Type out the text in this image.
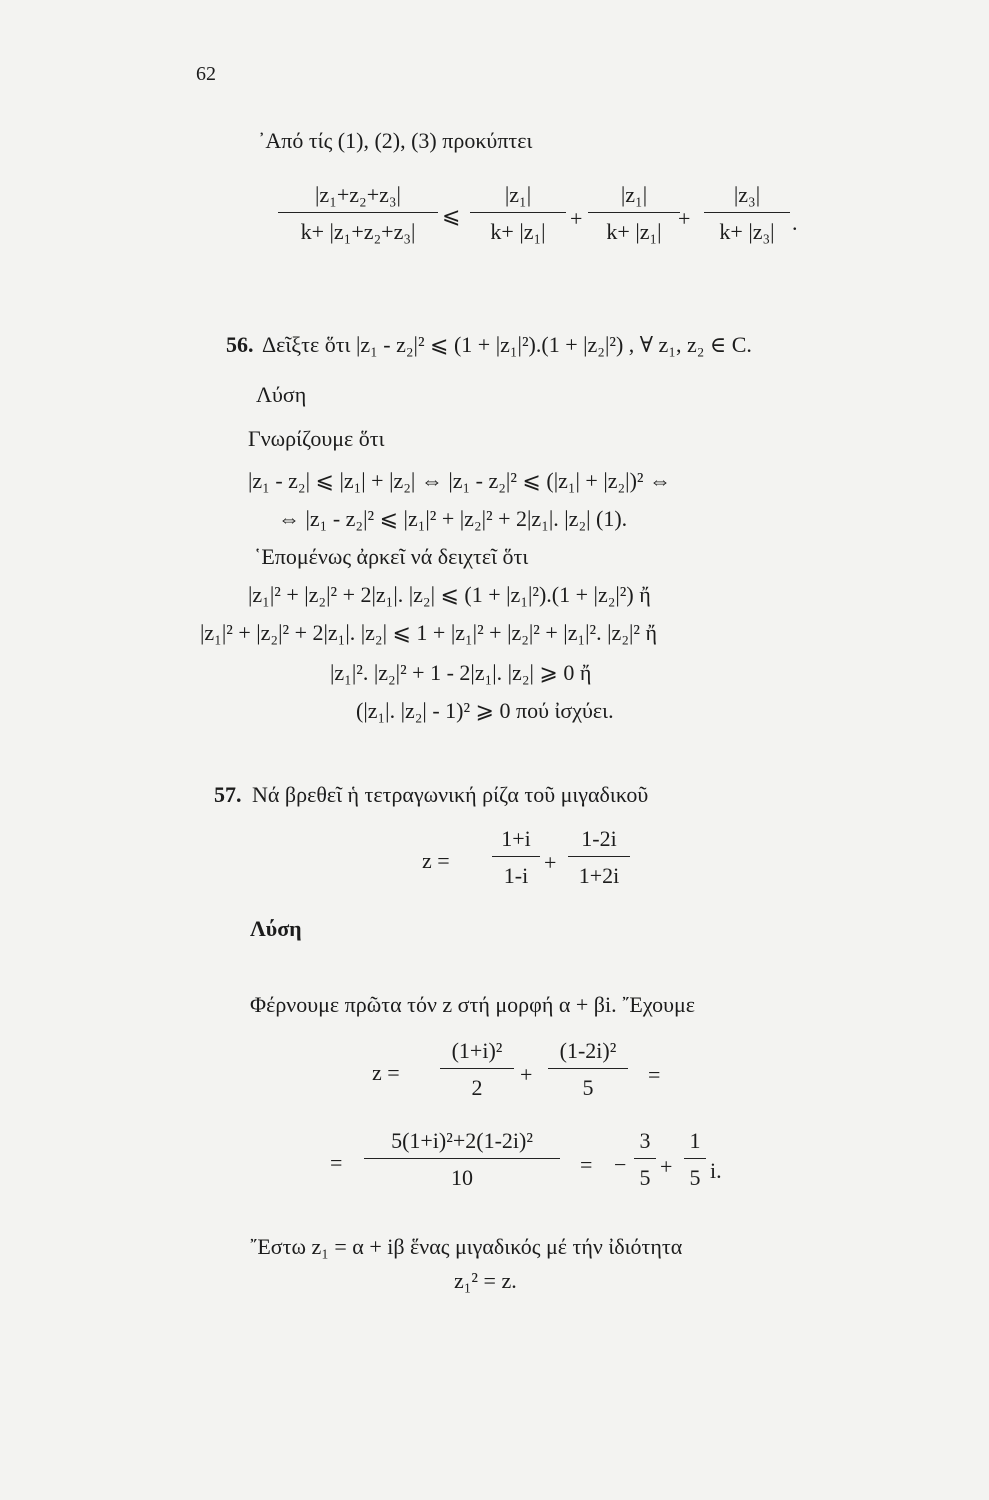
62
᾿Από τίς (1), (2), (3) προκύπτει
|z₁+z₂+z₃|
k+ |z₁+z₂+z₃|
⩽
|z₁|
k+ |z₁|
+
|z₁|
k+ |z₁|
+
|z₃|
k+ |z₃| .
56. Δεῖξτε ὅτι |z₁ - z₂|² ⩽ (1 + |z₁|²).(1 + |z₂|²) , ∀ z₁, z₂ ∈ C.
Λύση
Γνωρίζουμε ὅτι
|z₁ - z₂| ⩽ |z₁| + |z₂| ⇔ |z₁ - z₂|² ⩽ (|z₁| + |z₂|)² ⇔
⇔ |z₁ - z₂|² ⩽ |z₁|² + |z₂|² + 2|z₁|. |z₂| (1).
῾Επομένως ἀρκεῖ νά δειχτεῖ ὅτι
|z₁|² + |z₂|² + 2|z₁|. |z₂| ⩽ (1 + |z₁|²).(1 + |z₂|²) ἤ
|z₁|² + |z₂|² + 2|z₁|. |z₂| ⩽ 1 + |z₁|² + |z₂|² + |z₁|². |z₂|² ἤ
|z₁|². |z₂|² + 1 - 2|z₁|. |z₂| ⩾ 0 ἤ
(|z₁|. |z₂| - 1)² ⩾ 0 πού ἰσχύει.
57. Νά βρεθεῖ ἡ τετραγωνική ρίζα τοῦ μιγαδικοῦ
z =
1+i
1-i
+
1-2i
1+2i
Λύση
Φέρνουμε πρῶτα τόν z στή μορφή α + βi. ῎Εχουμε
z =
(1+i)²
2
+
(1-2i)²
5
=
=
5(1+i)²+2(1-2i)²
10
= −
3
5 +
1
5 i.
῎Εστω z₁ = α + iβ ἕνας μιγαδικός μέ τήν ἰδιότητα
z₁² = z.
